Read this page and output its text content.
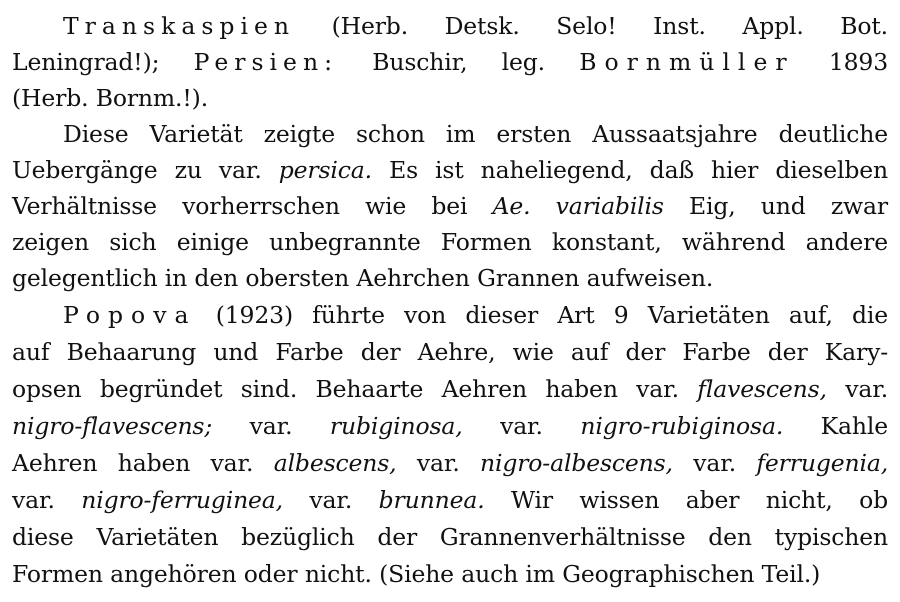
Transkaspien (Herb. Detsk. Selo! Inst. Appl. Bot.
Leningrad!); Persien: Buschir, leg. Bornmüller 1893
(Herb. Bornm.!).
Diese Varietät zeigte schon im ersten Aussaatsjahre deutliche
Uebergänge zu var. persica. Es ist naheliegend, daß hier dieselben
Verhältnisse vorherrschen wie bei Ae. variabilis Eig, und zwar
zeigen sich einige unbegrannte Formen konstant, während andere
gelegentlich in den obersten Aehrchen Grannen aufweisen.
Popova (1923) führte von dieser Art 9 Varietäten auf, die
auf Behaarung und Farbe der Aehre, wie auf der Farbe der Kary-
opsen begründet sind. Behaarte Aehren haben var. flavescens, var.
nigro-flavescens; var. rubiginosa, var. nigro-rubiginosa. Kahle
Aehren haben var. albescens, var. nigro-albescens, var. ferrugenia,
var. nigro-ferruginea, var. brunnea. Wir wissen aber nicht, ob
diese Varietäten bezüglich der Grannenverhältnisse den typischen
Formen angehören oder nicht. (Siehe auch im Geographischen Teil.)
